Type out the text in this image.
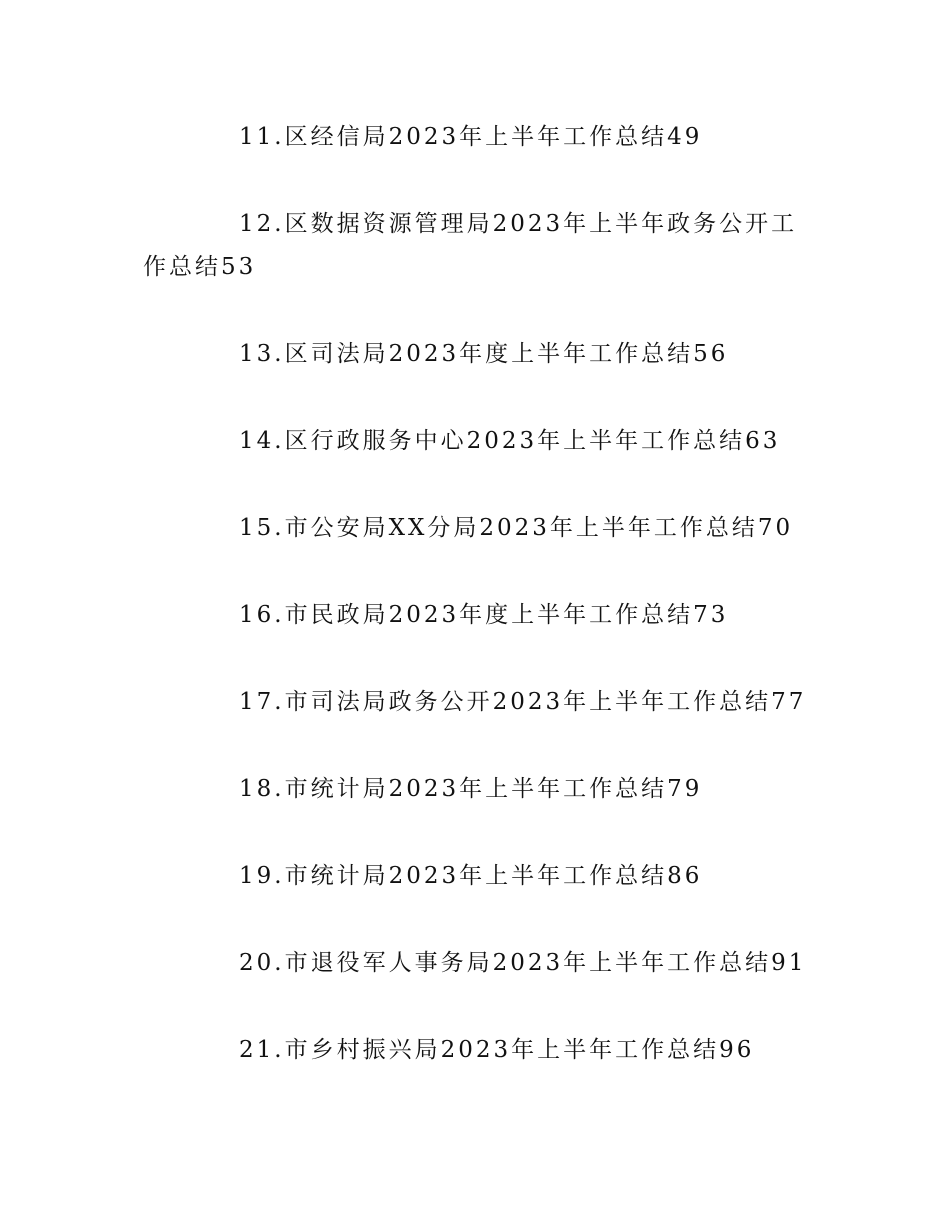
11.区经信局2023年上半年工作总结49
12.区数据资源管理局2023年上半年政务公开工作总结53
13.区司法局2023年度上半年工作总结56
14.区行政服务中心2023年上半年工作总结63
15.市公安局XX分局2023年上半年工作总结70
16.市民政局2023年度上半年工作总结73
17.市司法局政务公开2023年上半年工作总结77
18.市统计局2023年上半年工作总结79
19.市统计局2023年上半年工作总结86
20.市退役军人事务局2023年上半年工作总结91
21.市乡村振兴局2023年上半年工作总结96
